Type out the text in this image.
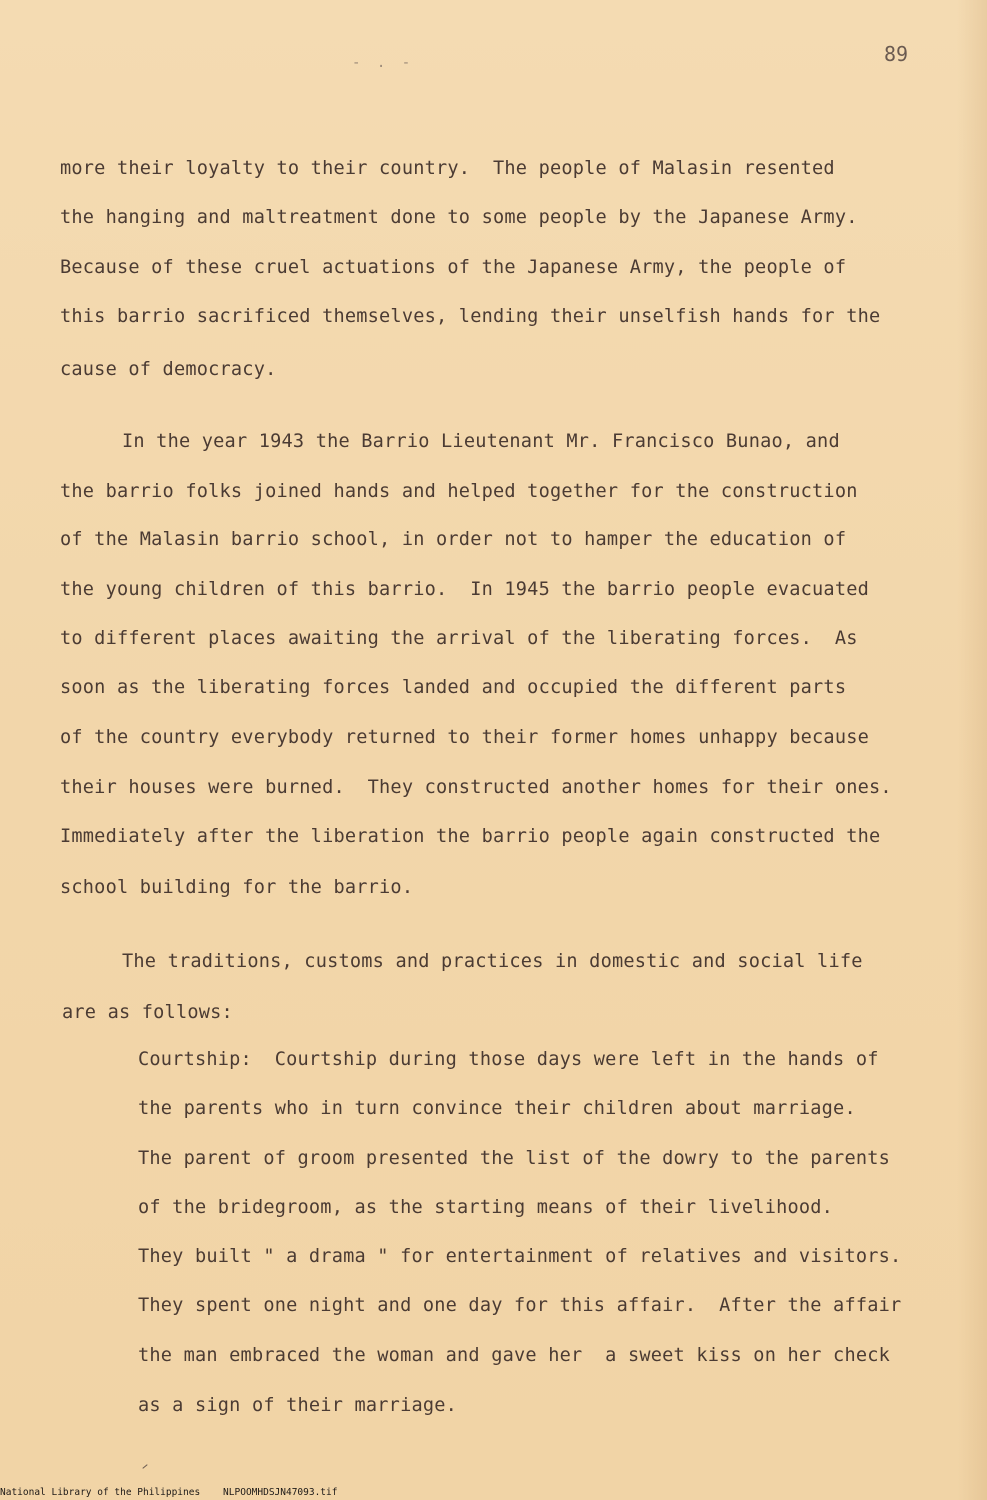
- . -	89
more their loyalty to their country.  The people of Malasin resented
the hanging and maltreatment done to some people by the Japanese Army.
Because of these cruel actuations of the Japanese Army, the people of
this barrio sacrificed themselves, lending their unselfish hands for the
cause of democracy.
In the year 1943 the Barrio Lieutenant Mr. Francisco Bunao, and
the barrio folks joined hands and helped together for the construction
of the Malasin barrio school, in order not to hamper the education of
the young children of this barrio.  In 1945 the barrio people evacuated
to different places awaiting the arrival of the liberating forces.  As
soon as the liberating forces landed and occupied the different parts
of the country everybody returned to their former homes unhappy because
their houses were burned.  They constructed another homes for their ones.
Immediately after the liberation the barrio people again constructed the
school building for the barrio.
The traditions, customs and practices in domestic and social life
are as follows:
Courtship:  Courtship during those days were left in the hands of
the parents who in turn convince their children about marriage.
The parent of groom presented the list of the dowry to the parents
of the bridegroom, as the starting means of their livelihood.
They built " a drama " for entertainment of relatives and visitors.
They spent one night and one day for this affair.  After the affair
the man embraced the woman and gave her  a sweet kiss on her check
as a sign of their marriage.
National Library of the Philippines    NLPOOMHDSJN47093.tif
